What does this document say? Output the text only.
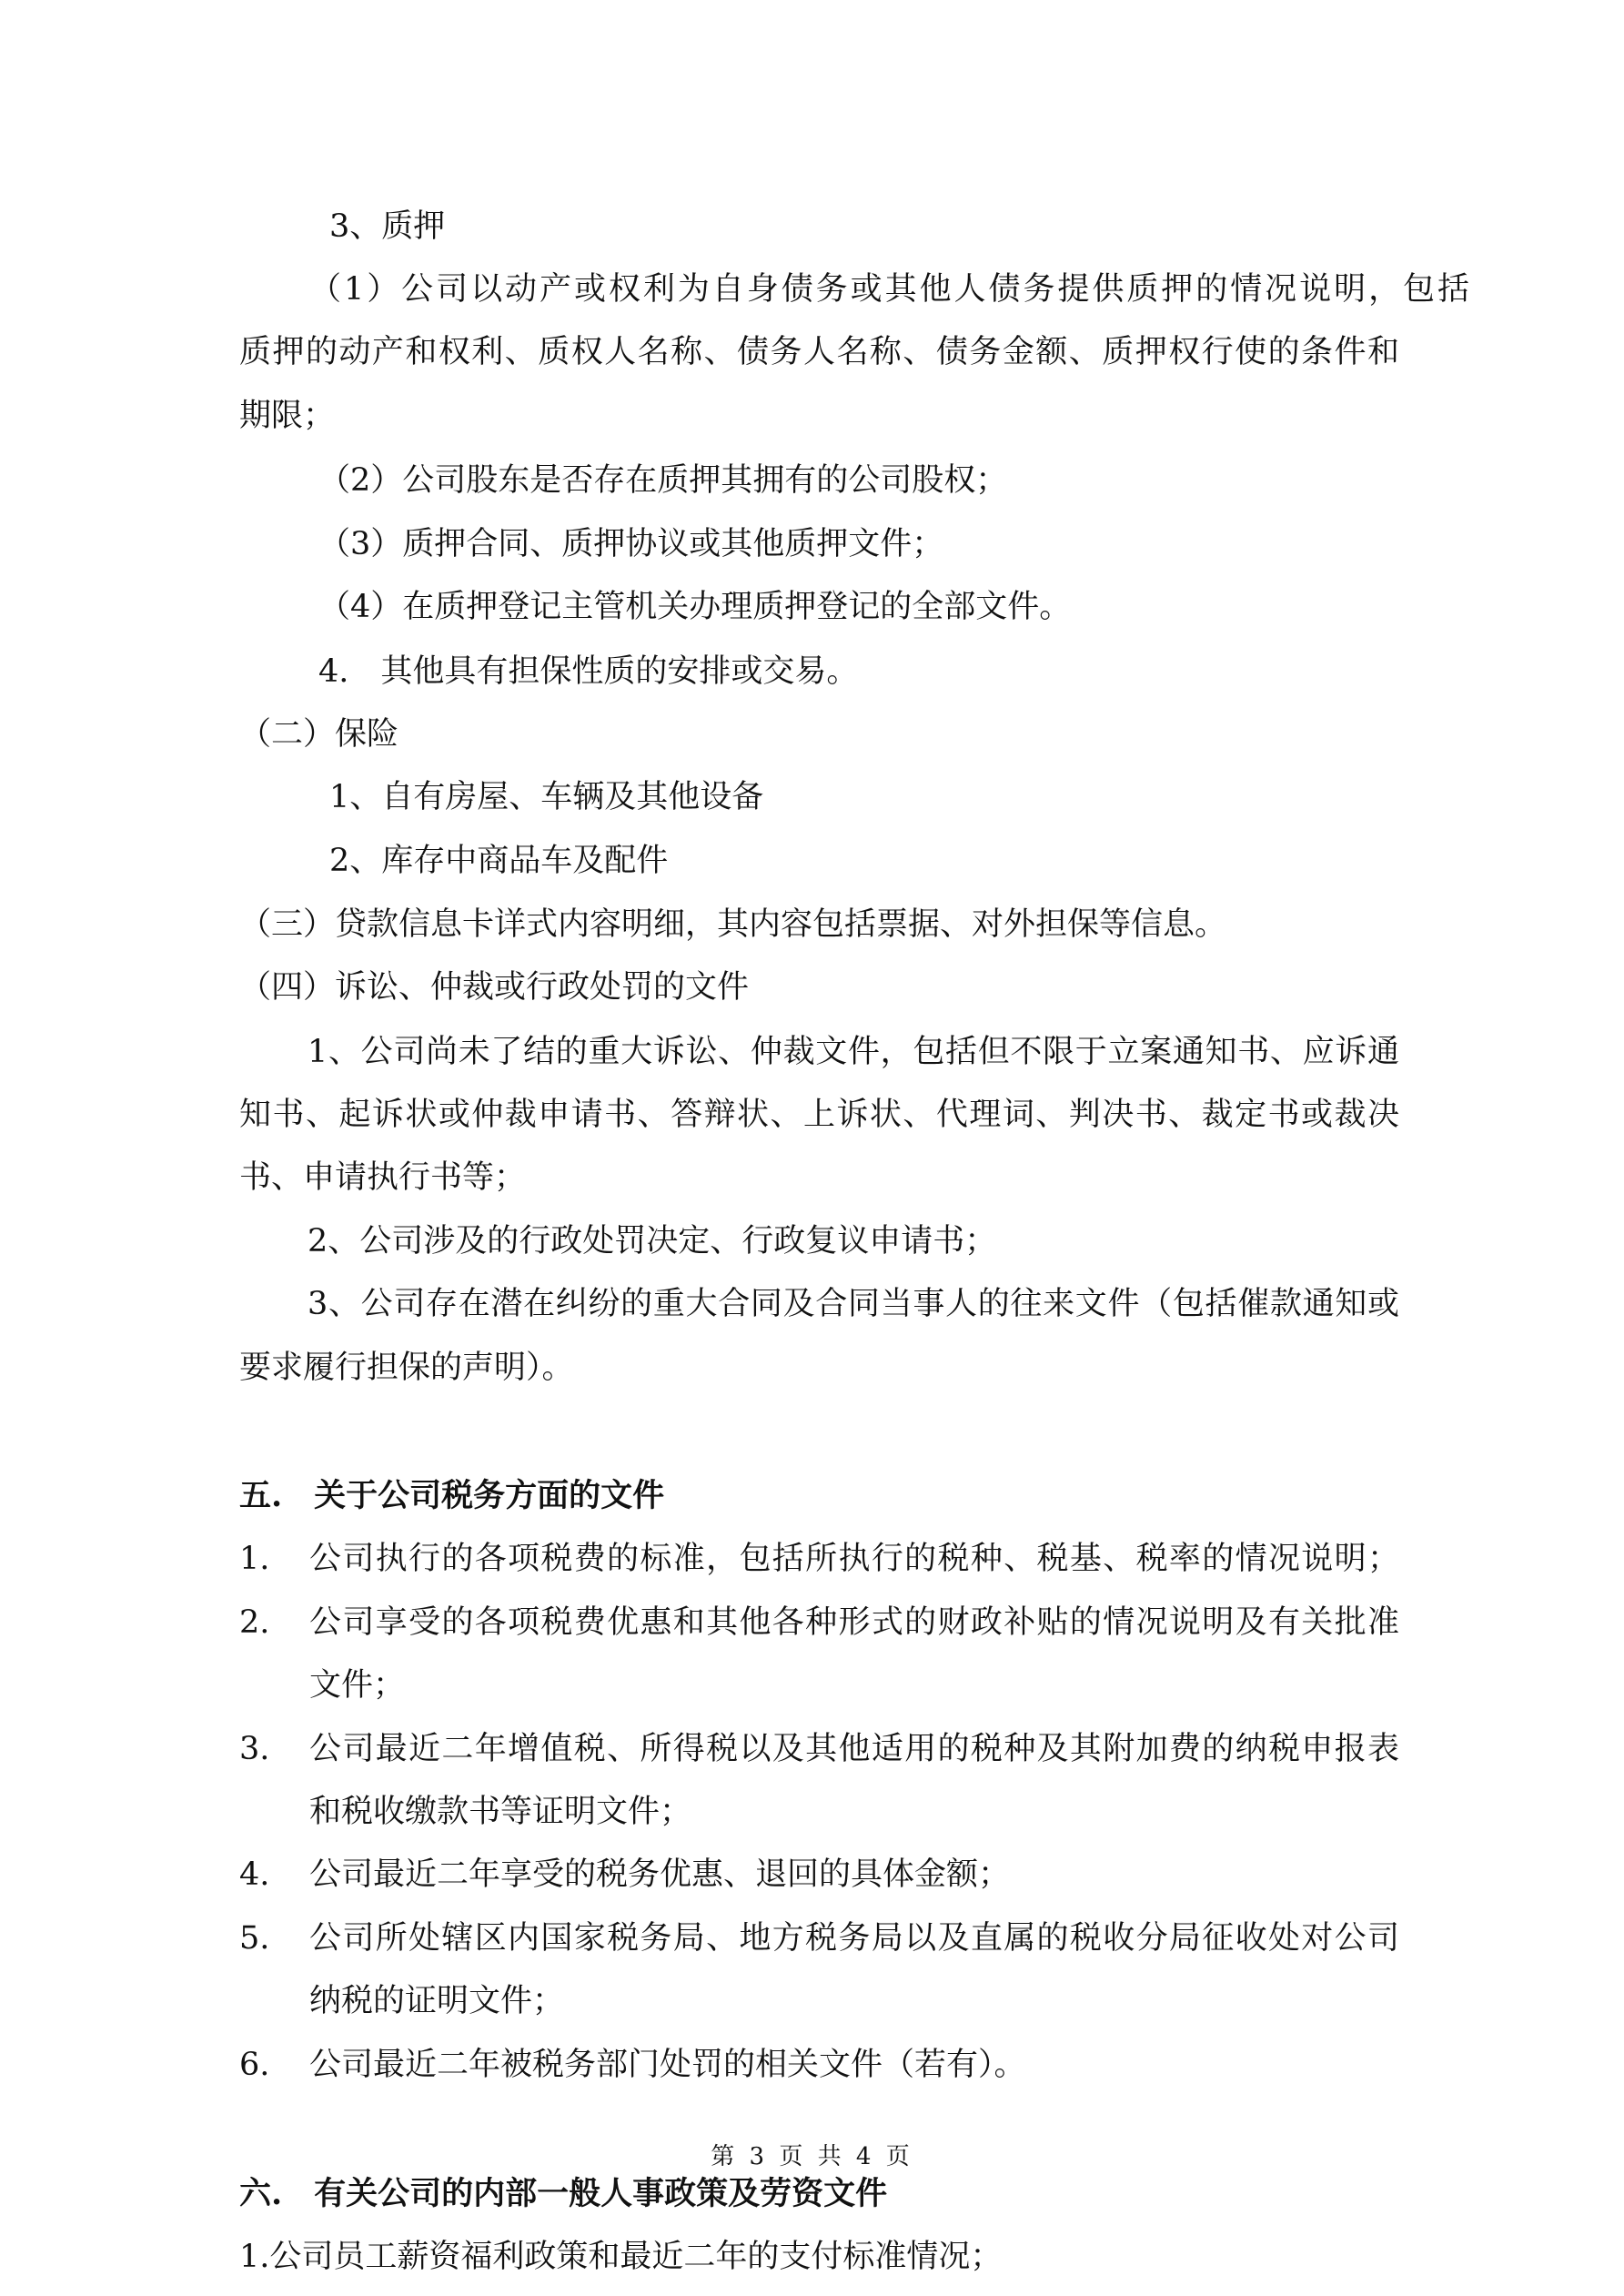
3、质押
（1）公司以动产或权利为自身债务或其他人债务提供质押的情况说明，包括
质押的动产和权利、质权人名称、债务人名称、债务金额、质押权行使的条件和
期限；
（2）公司股东是否存在质押其拥有的公司股权；
（3）质押合同、质押协议或其他质押文件；
（4）在质押登记主管机关办理质押登记的全部文件。
4.　其他具有担保性质的安排或交易。
（二）保险
1、自有房屋、车辆及其他设备
2、库存中商品车及配件
（三）贷款信息卡详式内容明细，其内容包括票据、对外担保等信息。
（四）诉讼、仲裁或行政处罚的文件
1、公司尚未了结的重大诉讼、仲裁文件，包括但不限于立案通知书、应诉通
知书、起诉状或仲裁申请书、答辩状、上诉状、代理词、判决书、裁定书或裁决
书、申请执行书等；
2、公司涉及的行政处罚决定、行政复议申请书；
3、公司存在潜在纠纷的重大合同及合同当事人的往来文件（包括催款通知或
要求履行担保的声明）。
五.　关于公司税务方面的文件
1. 公司执行的各项税费的标准，包括所执行的税种、税基、税率的情况说明；
2. 公司享受的各项税费优惠和其他各种形式的财政补贴的情况说明及有关批准
文件；
3. 公司最近二年增值税、所得税以及其他适用的税种及其附加费的纳税申报表
和税收缴款书等证明文件；
4. 公司最近二年享受的税务优惠、退回的具体金额；
5. 公司所处辖区内国家税务局、地方税务局以及直属的税收分局征收处对公司
纳税的证明文件；
6. 公司最近二年被税务部门处罚的相关文件（若有）。
六.　有关公司的内部一般人事政策及劳资文件
1.公司员工薪资福利政策和最近二年的支付标准情况；
第 3 页 共 4 页
